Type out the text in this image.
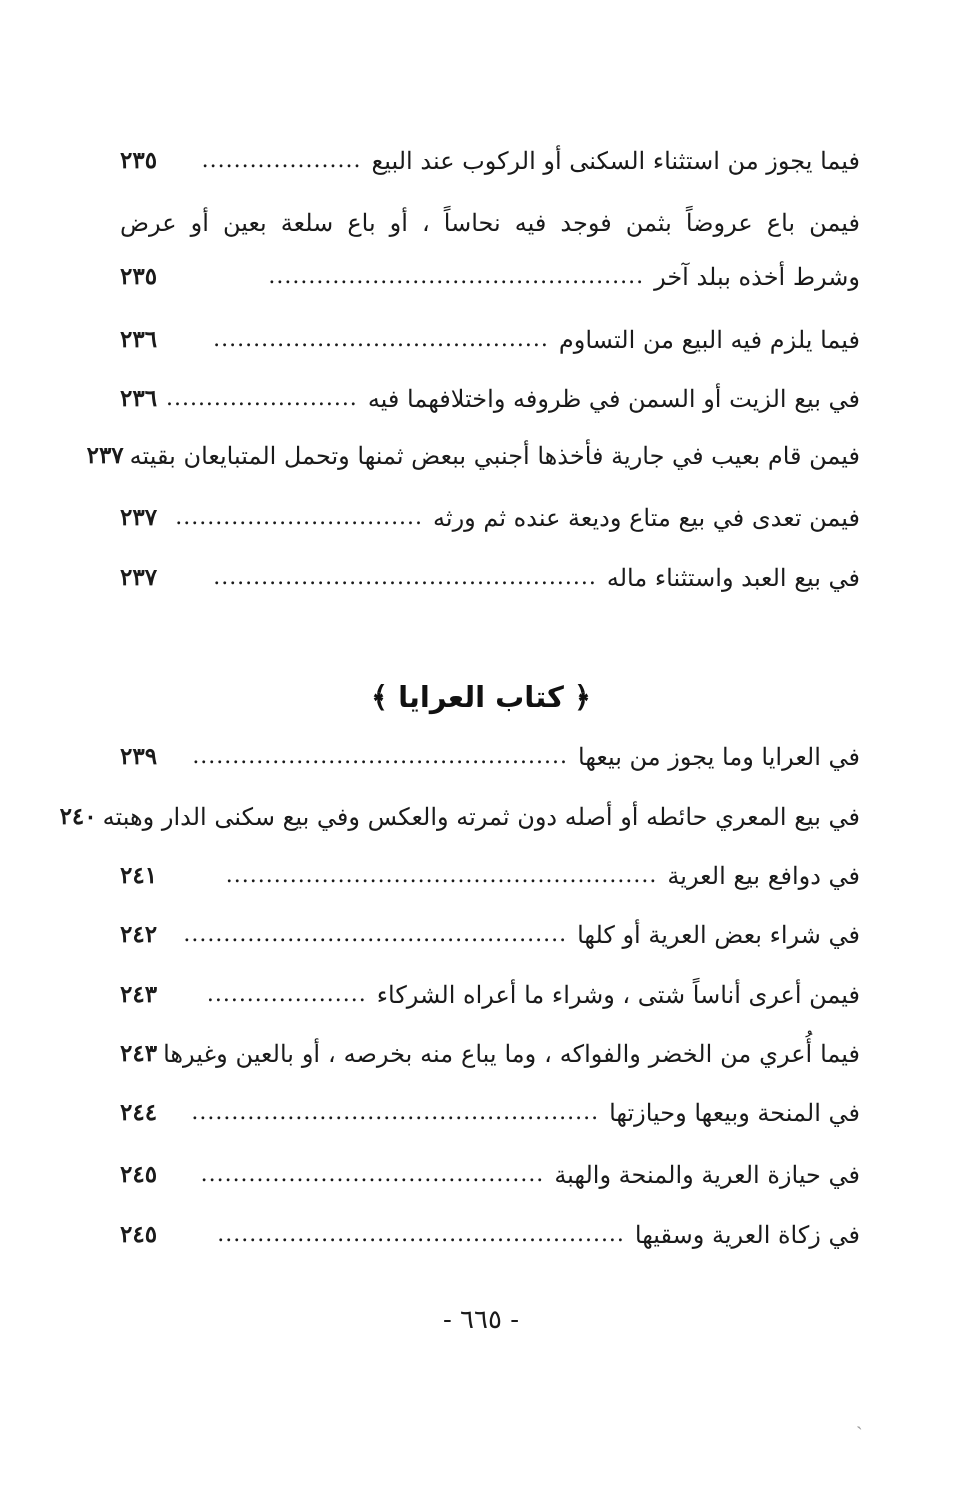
فيما يجوز من استثناء السكنى أو الركوب عند البيع
....................
٢٣٥
فيمن باع عروضاً بثمن فوجد فيه نحاساً ، أو باع سلعة بعين أو عرض
وشرط أخذه ببلد آخر
...............................................
٢٣٥
فيما يلزم فيه البيع من التساوم
..........................................
٢٣٦
في بيع الزيت أو السمن في ظروفه واختلافهما فيه
........................
٢٣٦
فيمن قام بعيب في جارية فأخذها أجنبي ببعض ثمنها وتحمل المتبايعان بقيته
٢٣٧
فيمن تعدى في بيع متاع وديعة عنده ثم ورثه
...............................
٢٣٧
في بيع العبد واستثناء ماله
................................................
٢٣٧
﴿ كتاب العرايا ﴾
في العرايا وما يجوز من بيعها
...............................................
٢٣٩
في بيع المعري حائطه أو أصله دون ثمرته والعكس وفي بيع سكنى الدار وهبته
٢٤٠
في دوافع بيع العرية
......................................................
٢٤١
في شراء بعض العرية أو كلها
................................................
٢٤٢
فيمن أعرى أناساً شتى ، وشراء ما أعراه الشركاء
....................
٢٤٣
فيما أُعري من الخضر والفواكه ، وما يباع منه بخرصه ، أو بالعين وغيرها
٢٤٣
في المنحة وبيعها وحيازتها
...................................................
٢٤٤
في حيازة العرية والمنحة والهبة
...........................................
٢٤٥
في زكاة العرية وسقيها
...................................................
٢٤٥
- ٦٦٥ -
ˏ
